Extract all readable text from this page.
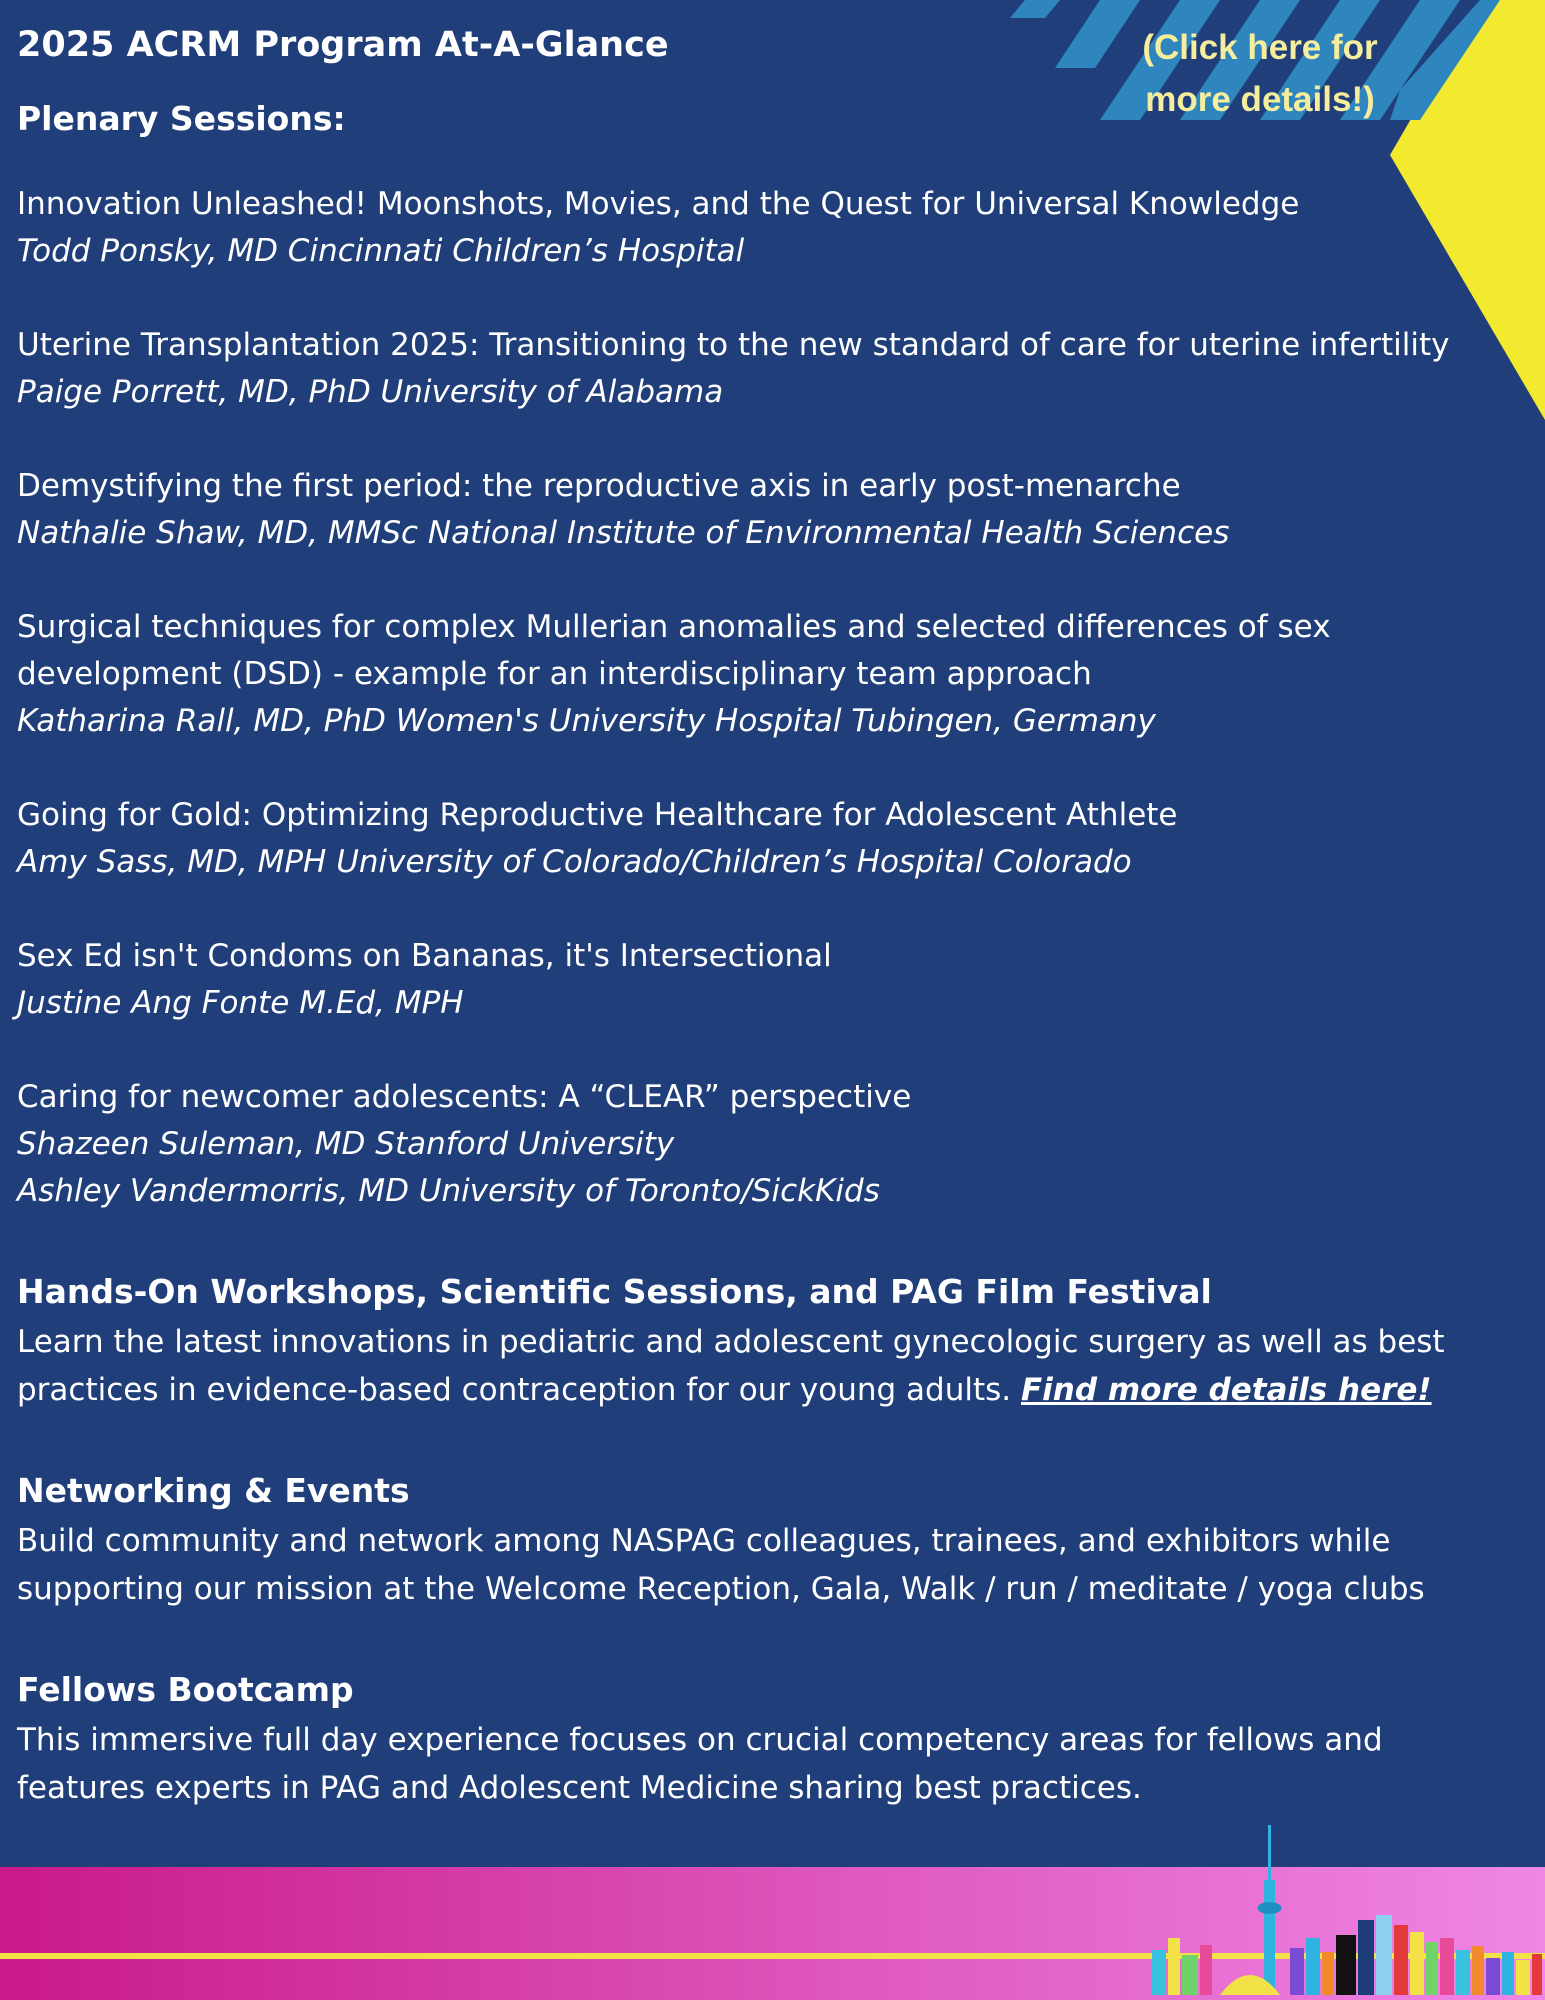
(Click here for
more details!)
2025 ACRM Program At-A-Glance
Plenary Sessions:
Innovation Unleashed! Moonshots, Movies, and the Quest for Universal Knowledge
Todd Ponsky, MD Cincinnati Children’s Hospital
Uterine Transplantation 2025: Transitioning to the new standard of care for uterine infertility
Paige Porrett, MD, PhD University of Alabama
Demystifying the first period: the reproductive axis in early post-menarche
Nathalie Shaw, MD, MMSc National Institute of Environmental Health Sciences
Surgical techniques for complex Mullerian anomalies and selected differences of sex development (DSD) - example for an interdisciplinary team approach
Katharina Rall, MD, PhD Women's University Hospital Tubingen, Germany
Going for Gold: Optimizing Reproductive Healthcare for Adolescent Athlete
Amy Sass, MD, MPH University of Colorado/Children’s Hospital Colorado
Sex Ed isn't Condoms on Bananas, it's Intersectional
Justine Ang Fonte M.Ed, MPH
Caring for newcomer adolescents: A “CLEAR” perspective
Shazeen Suleman, MD Stanford University
Ashley Vandermorris, MD University of Toronto/SickKids
Hands-On Workshops, Scientific Sessions, and PAG Film Festival
Learn the latest innovations in pediatric and adolescent gynecologic surgery as well as best practices in evidence-based contraception for our young adults. Find more details here!
Networking & Events
Build community and network among NASPAG colleagues, trainees, and exhibitors while supporting our mission at the Welcome Reception, Gala, Walk / run / meditate / yoga clubs
Fellows Bootcamp
This immersive full day experience focuses on crucial competency areas for fellows and features experts in PAG and Adolescent Medicine sharing best practices.
